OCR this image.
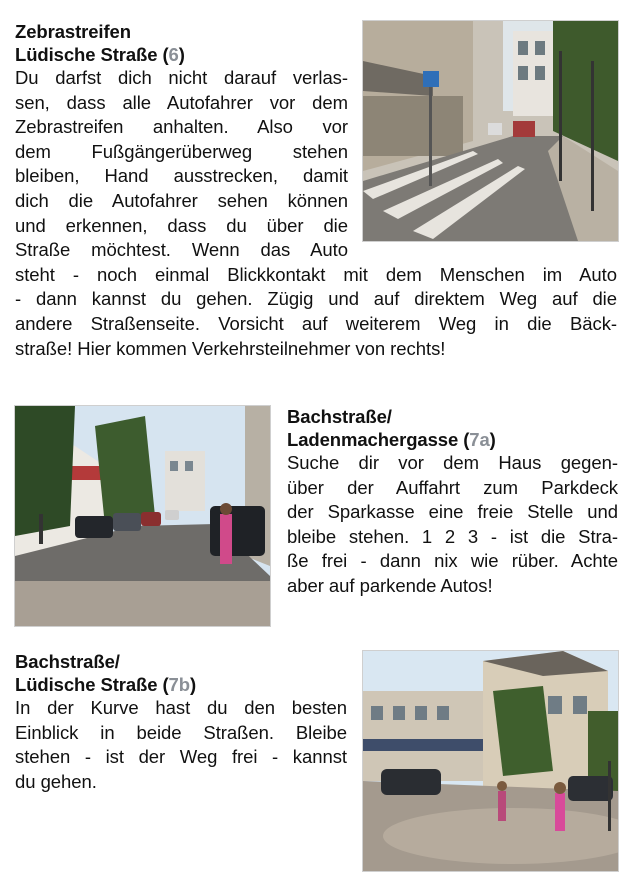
Zebrastreifen
Lüdische Straße (6)
Du darfst dich nicht darauf verlas-
sen, dass alle Autofahrer vor dem
Zebrastreifen anhalten. Also vor
dem Fußgängerüberweg stehen
bleiben, Hand ausstrecken, damit
dich die Autofahrer sehen können
und erkennen, dass du über die
Straße möchtest. Wenn das Auto
steht - noch einmal Blickkontakt mit dem Menschen im Auto
- dann kannst du gehen. Zügig und auf direktem Weg auf die
andere Straßenseite. Vorsicht auf weiterem Weg in die Bäck-
straße! Hier kommen Verkehrsteilnehmer von rechts!
Bachstraße/
Ladenmachergasse (7a)
Suche dir vor dem Haus gegen-
über der Auffahrt zum Parkdeck
der Sparkasse eine freie Stelle und
bleibe stehen. 1 2 3 - ist die Stra-
ße frei - dann nix wie rüber. Achte
aber auf parkende Autos!
Bachstraße/
Lüdische Straße (7b)
In der Kurve hast du den besten
Einblick in beide Straßen. Bleibe
stehen - ist der Weg frei - kannst
du gehen.
